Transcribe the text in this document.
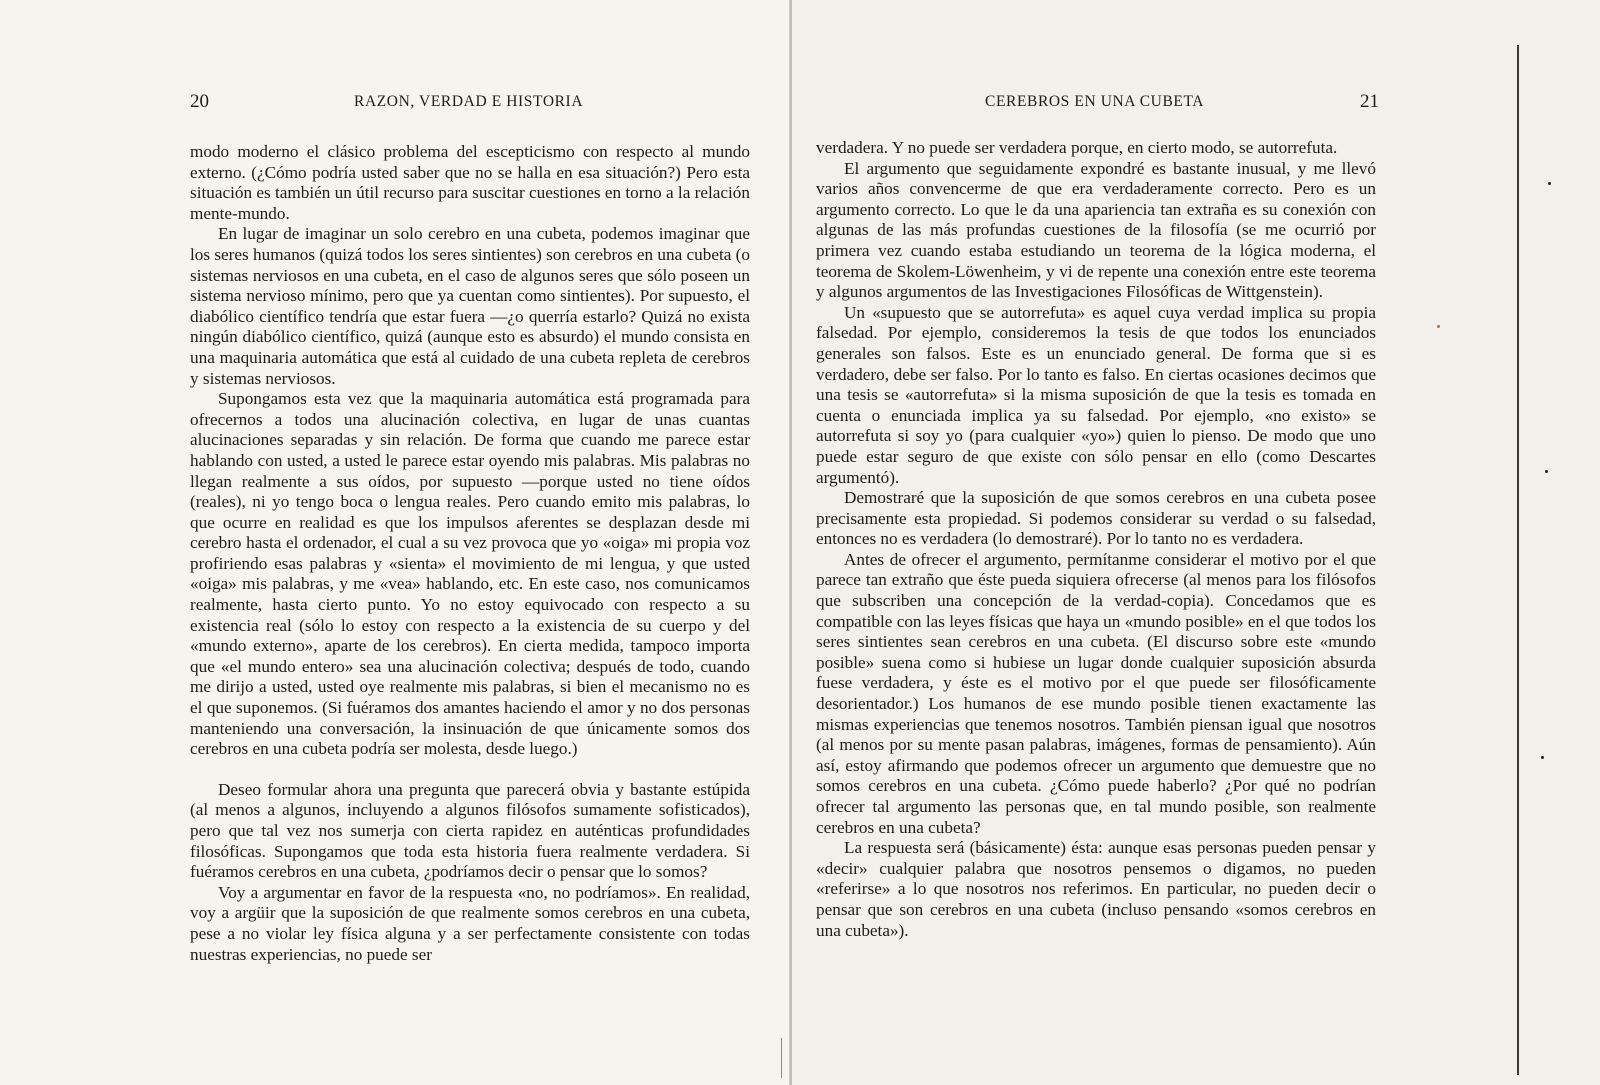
20	RAZON, VERDAD E HISTORIA

modo moderno el clásico problema del escepticismo con respecto al mundo externo. (¿Cómo podría usted saber que no se halla en esa situación?) Pero esta situación es también un útil recurso para suscitar cuestiones en torno a la relación mente-mundo.

En lugar de imaginar un solo cerebro en una cubeta, podemos imaginar que los seres humanos (quizá todos los seres sintientes) son cerebros en una cubeta (o sistemas nerviosos en una cubeta, en el caso de algunos seres que sólo poseen un sistema nervioso mínimo, pero que ya cuentan como sintientes). Por supuesto, el diabólico científico tendría que estar fuera —¿o querría estarlo? Quizá no exista ningún diabólico científico, quizá (aunque esto es absurdo) el mundo consista en una maquinaria automática que está al cuidado de una cubeta repleta de cerebros y sistemas nerviosos.

Supongamos esta vez que la maquinaria automática está programada para ofrecernos a todos una alucinación colectiva, en lugar de unas cuantas alucinaciones separadas y sin relación. De forma que cuando me parece estar hablando con usted, a usted le parece estar oyendo mis palabras. Mis palabras no llegan realmente a sus oídos, por supuesto —porque usted no tiene oídos (reales), ni yo tengo boca o lengua reales. Pero cuando emito mis palabras, lo que ocurre en realidad es que los impulsos aferentes se desplazan desde mi cerebro hasta el ordenador, el cual a su vez provoca que yo «oiga» mi propia voz profiriendo esas palabras y «sienta» el movimiento de mi lengua, y que usted «oiga» mis palabras, y me «vea» hablando, etc. En este caso, nos comunicamos realmente, hasta cierto punto. Yo no estoy equivocado con respecto a su existencia real (sólo lo estoy con respecto a la existencia de su cuerpo y del «mundo externo», aparte de los cerebros). En cierta medida, tampoco importa que «el mundo entero» sea una alucinación colectiva; después de todo, cuando me dirijo a usted, usted oye realmente mis palabras, si bien el mecanismo no es el que suponemos. (Si fuéramos dos amantes haciendo el amor y no dos personas manteniendo una conversación, la insinuación de que únicamente somos dos cerebros en una cubeta podría ser molesta, desde luego.)

Deseo formular ahora una pregunta que parecerá obvia y bastante estúpida (al menos a algunos, incluyendo a algunos filósofos sumamente sofisticados), pero que tal vez nos sumerja con cierta rapidez en auténticas profundidades filosóficas. Supongamos que toda esta historia fuera realmente verdadera. Si fuéramos cerebros en una cubeta, ¿podríamos decir o pensar que lo somos?

Voy a argumentar en favor de la respuesta «no, no podríamos». En realidad, voy a argüir que la suposición de que realmente somos cerebros en una cubeta, pese a no violar ley física alguna y a ser perfectamente consistente con todas nuestras experiencias, no puede ser

CEREBROS EN UNA CUBETA	21

verdadera. Y no puede ser verdadera porque, en cierto modo, se autorrefuta.

El argumento que seguidamente expondré es bastante inusual, y me llevó varios años convencerme de que era verdaderamente correcto. Pero es un argumento correcto. Lo que le da una apariencia tan extraña es su conexión con algunas de las más profundas cuestiones de la filosofía (se me ocurrió por primera vez cuando estaba estudiando un teorema de la lógica moderna, el teorema de Skolem-Löwenheim, y vi de repente una conexión entre este teorema y algunos argumentos de las Investigaciones Filosóficas de Wittgenstein).

Un «supuesto que se autorrefuta» es aquel cuya verdad implica su propia falsedad. Por ejemplo, consideremos la tesis de que todos los enunciados generales son falsos. Este es un enunciado general. De forma que si es verdadero, debe ser falso. Por lo tanto es falso. En ciertas ocasiones decimos que una tesis se «autorrefuta» si la misma suposición de que la tesis es tomada en cuenta o enunciada implica ya su falsedad. Por ejemplo, «no existo» se autorrefuta si soy yo (para cualquier «yo») quien lo pienso. De modo que uno puede estar seguro de que existe con sólo pensar en ello (como Descartes argumentó).

Demostraré que la suposición de que somos cerebros en una cubeta posee precisamente esta propiedad. Si podemos considerar su verdad o su falsedad, entonces no es verdadera (lo demostraré). Por lo tanto no es verdadera.

Antes de ofrecer el argumento, permítanme considerar el motivo por el que parece tan extraño que éste pueda siquiera ofrecerse (al menos para los filósofos que subscriben una concepción de la verdad-copia). Concedamos que es compatible con las leyes físicas que haya un «mundo posible» en el que todos los seres sintientes sean cerebros en una cubeta. (El discurso sobre este «mundo posible» suena como si hubiese un lugar donde cualquier suposición absurda fuese verdadera, y éste es el motivo por el que puede ser filosóficamente desorientador.) Los humanos de ese mundo posible tienen exactamente las mismas experiencias que tenemos nosotros. También piensan igual que nosotros (al menos por su mente pasan palabras, imágenes, formas de pensamiento). Aún así, estoy afirmando que podemos ofrecer un argumento que demuestre que no somos cerebros en una cubeta. ¿Cómo puede haberlo? ¿Por qué no podrían ofrecer tal argumento las personas que, en tal mundo posible, son realmente cerebros en una cubeta?

La respuesta será (básicamente) ésta: aunque esas personas pueden pensar y «decir» cualquier palabra que nosotros pensemos o digamos, no pueden «referirse» a lo que nosotros nos referimos. En particular, no pueden decir o pensar que son cerebros en una cubeta (incluso pensando «somos cerebros en una cubeta»).
